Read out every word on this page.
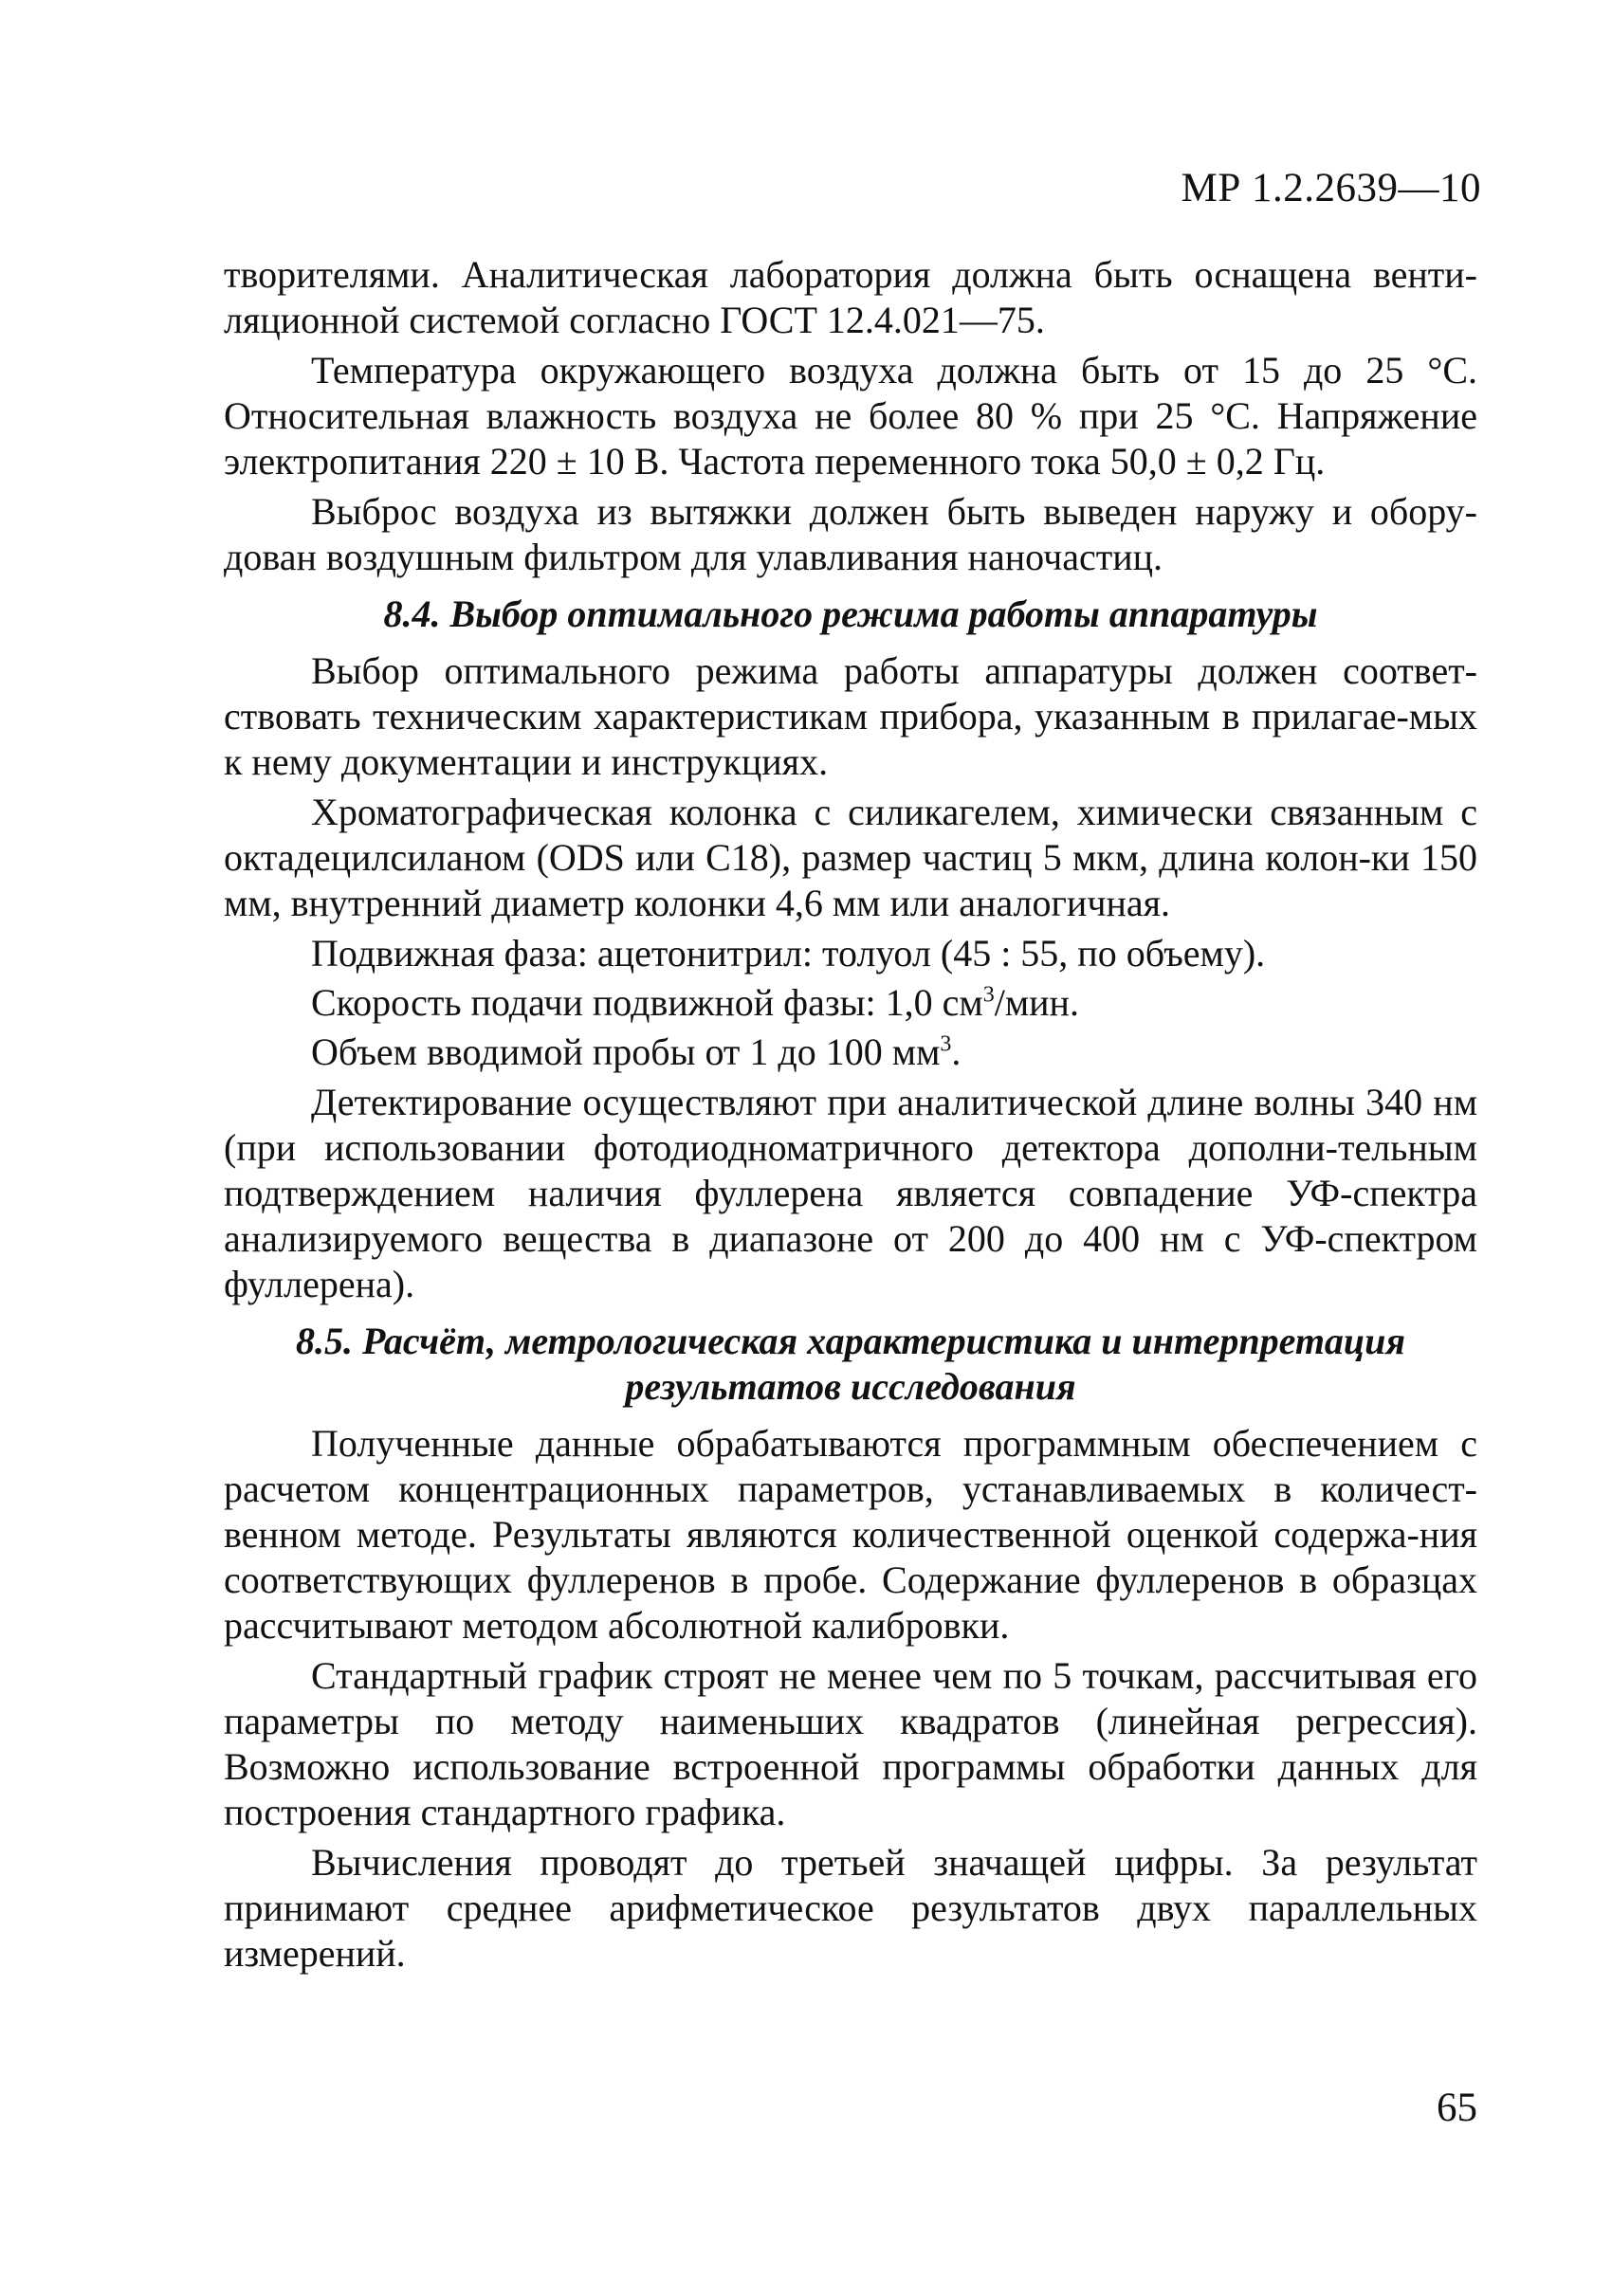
МР 1.2.2639—10

творителями. Аналитическая лаборатория должна быть оснащена венти-ляционной системой согласно ГОСТ 12.4.021—75.

Температура окружающего воздуха должна быть от 15 до 25 °С. Относительная влажность воздуха не более 80 % при 25 °С. Напряжение электропитания 220 ± 10 В. Частота переменного тока 50,0 ± 0,2 Гц.

Выброс воздуха из вытяжки должен быть выведен наружу и обору-дован воздушным фильтром для улавливания наночастиц.

8.4. Выбор оптимального режима работы аппаратуры

Выбор оптимального режима работы аппаратуры должен соответ-ствовать техническим характеристикам прибора, указанным в прилагае-мых к нему документации и инструкциях.

Хроматографическая колонка с силикагелем, химически связанным с октадецилсиланом (ODS или С18), размер частиц 5 мкм, длина колон-ки 150 мм, внутренний диаметр колонки 4,6 мм или аналогичная.

Подвижная фаза: ацетонитрил: толуол (45 : 55, по объему).

Скорость подачи подвижной фазы: 1,0 $см^3$/мин.

Объем вводимой пробы от 1 до 100 $мм^3$.

Детектирование осуществляют при аналитической длине волны 340 нм (при использовании фотодиодноматричного детектора дополни-тельным подтверждением наличия фуллерена является совпадение УФ-спектра анализируемого вещества в диапазоне от 200 до 400 нм с УФ-спектром фуллерена).

8.5. Расчёт, метрологическая характеристика и интерпретация
результатов исследования

Полученные данные обрабатываются программным обеспечением с расчетом концентрационных параметров, устанавливаемых в количест-венном методе. Результаты являются количественной оценкой содержа-ния соответствующих фуллеренов в пробе. Содержание фуллеренов в образцах рассчитывают методом абсолютной калибровки.

Стандартный график строят не менее чем по 5 точкам, рассчитывая его параметры по методу наименьших квадратов (линейная регрессия). Возможно использование встроенной программы обработки данных для построения стандартного графика.

Вычисления проводят до третьей значащей цифры. За результат принимают среднее арифметическое результатов двух параллельных измерений.

65
